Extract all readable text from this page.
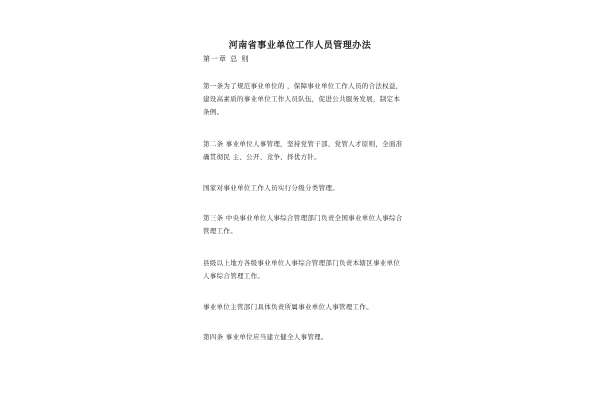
河南省事业单位工作人员管理办法
第一章 总 则
第一条为了规范事业单位的 ，保障事业单位工作人员的合法权益，建设高素质的事业单位工作人员队伍，促进公共服务发展，制定本条例。
第二条 事业单位人事管理，坚持党管干部、党管人才原则，全面准确贯彻民 主、公开、竞争、择优方针。
国家对事业单位工作人员实行分级分类管理。
第三条 中央事业单位人事综合管理部门负责全国事业单位人事综合管理工作。
县级以上地方各级事业单位人事综合管理部门负责本辖区事业单位人事综合管理工作。
事业单位主管部门具体负责所属事业单位人事管理工作。
第四条 事业单位应当建立健全人事管理。
